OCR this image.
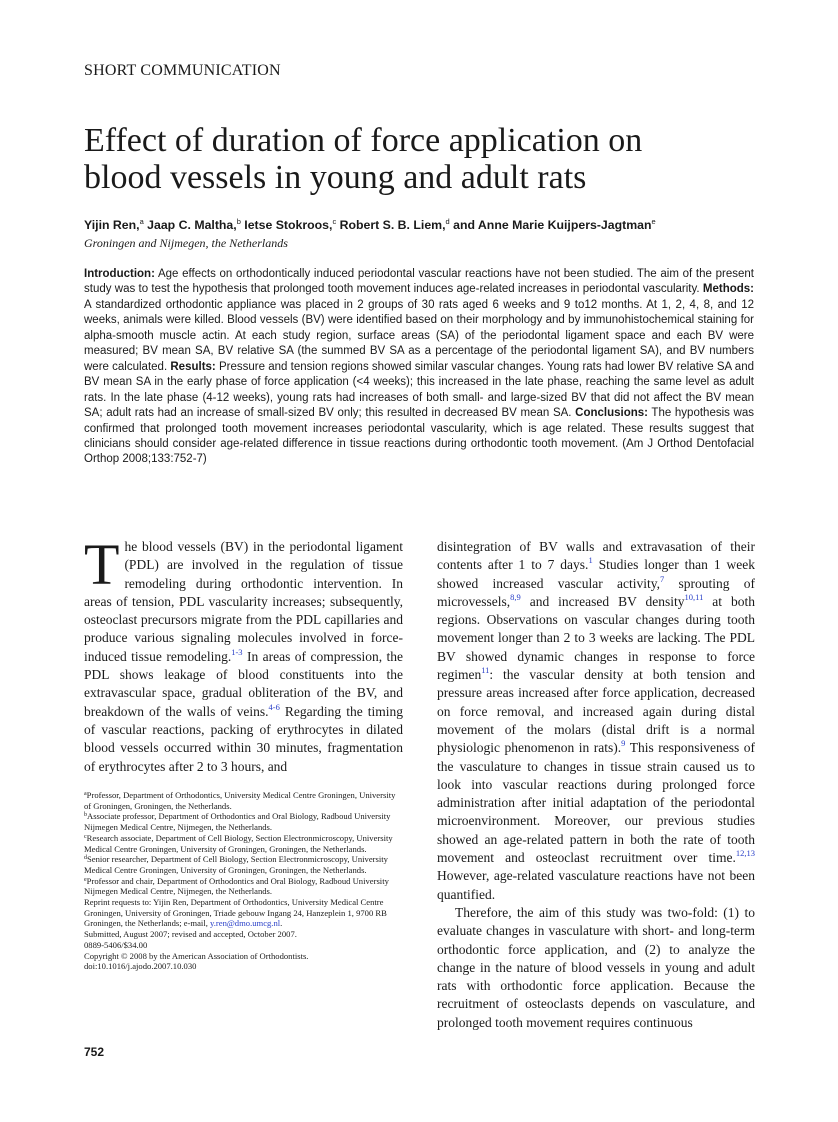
SHORT COMMUNICATION
Effect of duration of force application on
blood vessels in young and adult rats
Yijin Ren,$^a$ Jaap C. Maltha,$^b$ Ietse Stokroos,$^c$ Robert S. B. Liem,$^d$ and Anne Marie Kuijpers-Jagtman$^e$
Groningen and Nijmegen, the Netherlands
Introduction: Age effects on orthodontically induced periodontal vascular reactions have not been studied. The aim of the present study was to test the hypothesis that prolonged tooth movement induces age-related increases in periodontal vascularity. Methods: A standardized orthodontic appliance was placed in 2 groups of 30 rats aged 6 weeks and 9 to12 months. At 1, 2, 4, 8, and 12 weeks, animals were killed. Blood vessels (BV) were identified based on their morphology and by immunohistochemical staining for alpha-smooth muscle actin. At each study region, surface areas (SA) of the periodontal ligament space and each BV were measured; BV mean SA, BV relative SA (the summed BV SA as a percentage of the periodontal ligament SA), and BV numbers were calculated. Results: Pressure and tension regions showed similar vascular changes. Young rats had lower BV relative SA and BV mean SA in the early phase of force application (<4 weeks); this increased in the late phase, reaching the same level as adult rats. In the late phase (4-12 weeks), young rats had increases of both small- and large-sized BV that did not affect the BV mean SA; adult rats had an increase of small-sized BV only; this resulted in decreased BV mean SA. Conclusions: The hypothesis was confirmed that prolonged tooth movement increases periodontal vascularity, which is age related. These results suggest that clinicians should consider age-related difference in tissue reactions during orthodontic tooth movement. (Am J Orthod Dentofacial Orthop 2008;133:752-7)

The blood vessels (BV) in the periodontal ligament (PDL) are involved in the regulation of tissue remodeling during orthodontic intervention. In areas of tension, PDL vascularity increases; subsequently, osteoclast precursors migrate from the PDL capillaries and produce various signaling molecules involved in force-induced tissue remodeling.$^{1-3}$ In areas of compression, the PDL shows leakage of blood constituents into the extravascular space, gradual obliteration of the BV, and breakdown of the walls of veins.$^{4-6}$ Regarding the timing of vascular reactions, packing of erythrocytes in dilated blood vessels occurred within 30 minutes, fragmentation of erythrocytes after 2 to 3 hours, and

$^a$Professor, Department of Orthodontics, University Medical Centre Groningen, University of Groningen, Groningen, the Netherlands.
$^b$Associate professor, Department of Orthodontics and Oral Biology, Radboud University Nijmegen Medical Centre, Nijmegen, the Netherlands.
$^c$Research associate, Department of Cell Biology, Section Electronmicroscopy, University Medical Centre Groningen, University of Groningen, Groningen, the Netherlands.
$^d$Senior researcher, Department of Cell Biology, Section Electronmicroscopy, University Medical Centre Groningen, University of Groningen, Groningen, the Netherlands.
$^e$Professor and chair, Department of Orthodontics and Oral Biology, Radboud University Nijmegen Medical Centre, Nijmegen, the Netherlands.
Reprint requests to: Yijin Ren, Department of Orthodontics, University Medical Centre Groningen, University of Groningen, Triade gebouw Ingang 24, Hanzeplein 1, 9700 RB Groningen, the Netherlands; e-mail, y.ren@dmo.umcg.nl.
Submitted, August 2007; revised and accepted, October 2007.
0889-5406/$34.00
Copyright © 2008 by the American Association of Orthodontists.
doi:10.1016/j.ajodo.2007.10.030

disintegration of BV walls and extravasation of their contents after 1 to 7 days.$^1$ Studies longer than 1 week showed increased vascular activity,$^7$ sprouting of microvessels,$^{8,9}$ and increased BV density$^{10,11}$ at both regions. Observations on vascular changes during tooth movement longer than 2 to 3 weeks are lacking. The PDL BV showed dynamic changes in response to force regimen$^{11}$: the vascular density at both tension and pressure areas increased after force application, decreased on force removal, and increased again during distal movement of the molars (distal drift is a normal physiologic phenomenon in rats).$^9$ This responsiveness of the vasculature to changes in tissue strain caused us to look into vascular reactions during prolonged force administration after initial adaptation of the periodontal microenvironment. Moreover, our previous studies showed an age-related pattern in both the rate of tooth movement and osteoclast recruitment over time.$^{12,13}$ However, age-related vasculature reactions have not been quantified.

Therefore, the aim of this study was two-fold: (1) to evaluate changes in vasculature with short- and long-term orthodontic force application, and (2) to analyze the change in the nature of blood vessels in young and adult rats with orthodontic force application. Because the recruitment of osteoclasts depends on vasculature, and prolonged tooth movement requires continuous

752
